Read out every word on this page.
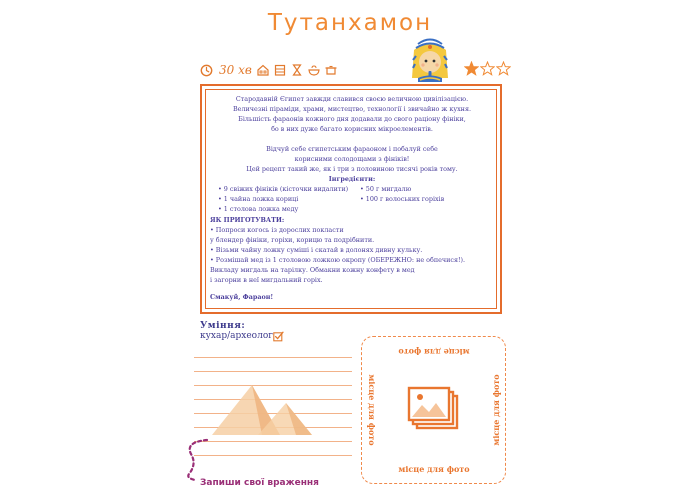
Тутанхамон
30 хв
Стародавній Єгипет завжди славився своєю величною цивілізацією.
Величезні піраміди, храми, мистецтво, технології і звичайно ж кухня.
Більшість фараонів кожного дня додавали до свого раціону фініки,
бо в них дуже багато корисних мікроелементів.
Відчуй себе єгипетським фараоном і побалуй себе
корисними солодощами з фініків!
Цей рецепт такий же, як і три з половиною тисячі років тому.
Інгредієнти:
• 9 свіжих фініків (кісточки видалити)
• 1 чайна ложка кориці
• 1 столова ложка меду
• 50 г мигдалю
• 100 г волоських горіхів
ЯК ПРИГОТУВАТИ:
• Попроси когось із дорослих покласти
у блендер фініки, горіхи, корицю та подрібнити.
• Візьми чайну ложку суміші і скатай в долонях дивну кульку.
• Розмішай мед із 1 столовою ложкою окропу (ОБЕРЕЖНО: не обпечися!).
Викладу мигдаль на тарілку. Обмакни кожну конфету в мед
і загорни в неї мигдальний горіх.
Смакуй, Фараон!
Уміння:
кухар/археолог
Запиши свої враження
місце для фото
місце для фото
місце для фото	місце для фото
